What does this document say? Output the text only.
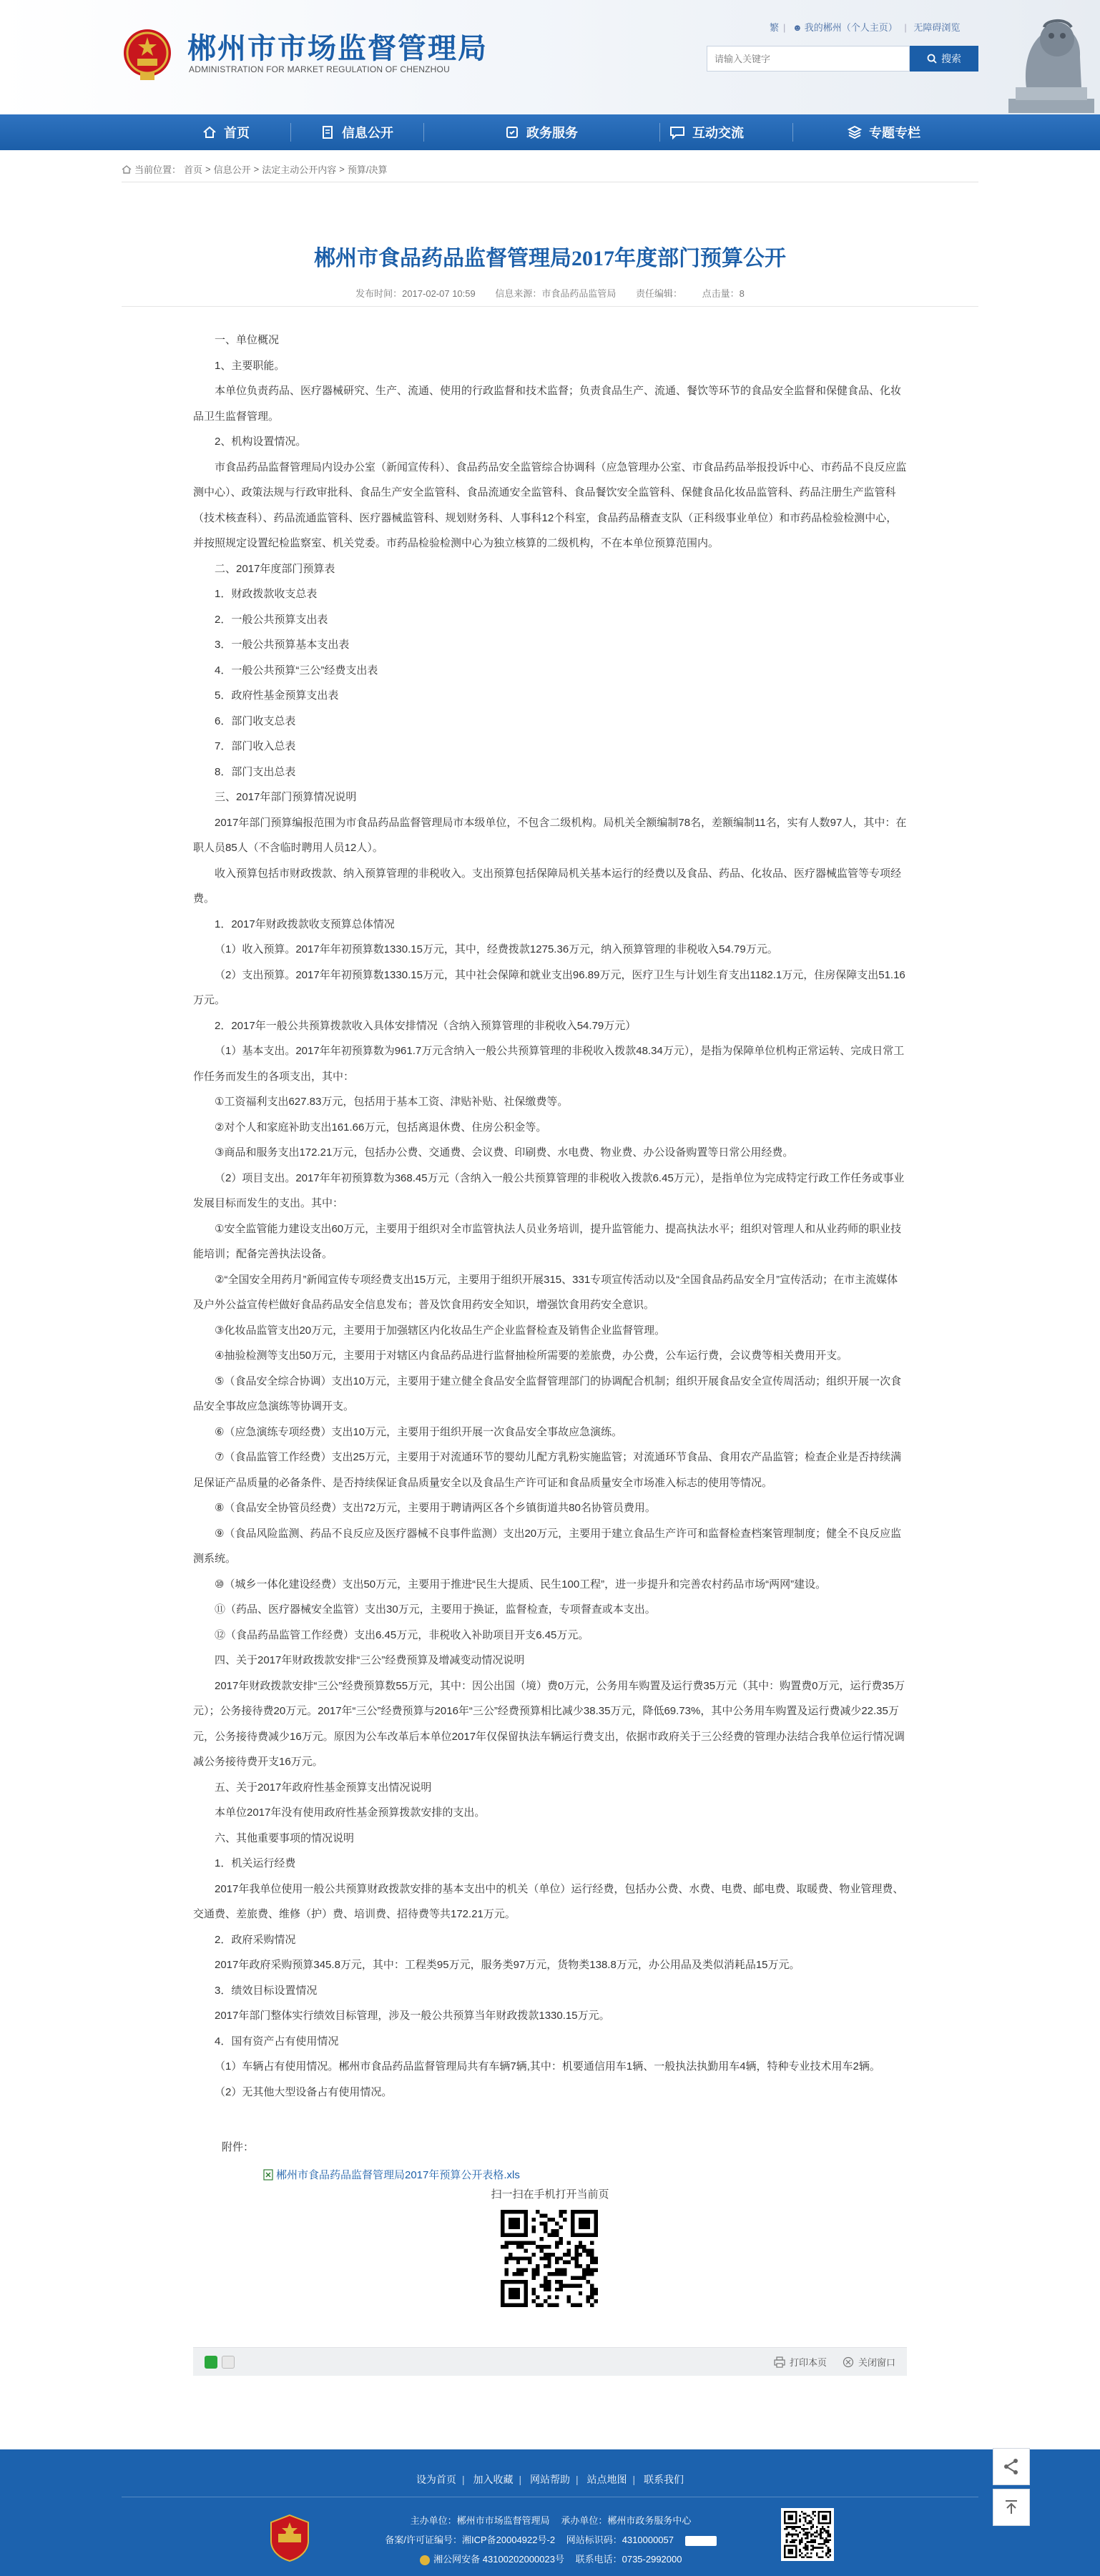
郴州市市场监督管理局
ADMINISTRATION FOR MARKET REGULATION OF CHENZHOU
繁 | ☻ 我的郴州（个人主页） | 无障碍浏览
请输入关键字
搜索
首页	信息公开	政务服务	互动交流	专题专栏
当前位置： 首页 > 信息公开 > 法定主动公开内容 > 预算/决算
郴州市食品药品监督管理局2017年度部门预算公开
发布时间：2017-02-07 10:59 信息来源：市食品药品监管局 责任编辑： 点击量：8

一、单位概况

1、主要职能。

本单位负责药品、医疗器械研究、生产、流通、使用的行政监督和技术监督；负责食品生产、流通、餐饮等环节的食品安全监督和保健食品、化妆品卫生监督管理。

2、机构设置情况。

市食品药品监督管理局内设办公室（新闻宣传科）、食品药品安全监管综合协调科（应急管理办公室、市食品药品举报投诉中心、市药品不良反应监测中心）、政策法规与行政审批科、食品生产安全监管科、食品流通安全监管科、食品餐饮安全监管科、保健食品化妆品监管科、药品注册生产监管科（技术核查科）、药品流通监管科、医疗器械监管科、规划财务科、人事科12个科室，食品药品稽查支队（正科级事业单位）和市药品检验检测中心，并按照规定设置纪检监察室、机关党委。市药品检验检测中心为独立核算的二级机构，不在本单位预算范围内。

二、2017年度部门预算表

1．财政拨款收支总表

2．一般公共预算支出表

3．一般公共预算基本支出表

4．一般公共预算“三公”经费支出表

5．政府性基金预算支出表

6．部门收支总表

7．部门收入总表

8．部门支出总表

三、2017年部门预算情况说明

2017年部门预算编报范围为市食品药品监督管理局市本级单位，不包含二级机构。局机关全额编制78名，差额编制11名，实有人数97人，其中：在职人员85人（不含临时聘用人员12人）。

收入预算包括市财政拨款、纳入预算管理的非税收入。支出预算包括保障局机关基本运行的经费以及食品、药品、化妆品、医疗器械监管等专项经费。

1．2017年财政拨款收支预算总体情况

（1）收入预算。2017年年初预算数1330.15万元，其中，经费拨款1275.36万元，纳入预算管理的非税收入54.79万元。

（2）支出预算。2017年年初预算数1330.15万元，其中社会保障和就业支出96.89万元，医疗卫生与计划生育支出1182.1万元，住房保障支出51.16万元。

2．2017年一般公共预算拨款收入具体安排情况（含纳入预算管理的非税收入54.79万元）

（1）基本支出。2017年年初预算数为961.7万元含纳入一般公共预算管理的非税收入拨款48.34万元），是指为保障单位机构正常运转、完成日常工作任务而发生的各项支出，其中：

①工资福利支出627.83万元，包括用于基本工资、津贴补贴、社保缴费等。

②对个人和家庭补助支出161.66万元，包括离退休费、住房公积金等。

③商品和服务支出172.21万元，包括办公费、交通费、会议费、印刷费、水电费、物业费、办公设备购置等日常公用经费。

（2）项目支出。2017年年初预算数为368.45万元（含纳入一般公共预算管理的非税收入拨款6.45万元），是指单位为完成特定行政工作任务或事业发展目标而发生的支出。其中：

①安全监管能力建设支出60万元，主要用于组织对全市监管执法人员业务培训，提升监管能力、提高执法水平；组织对管理人和从业药师的职业技能培训；配备完善执法设备。

②“全国安全用药月”新闻宣传专项经费支出15万元，主要用于组织开展315、331专项宣传活动以及“全国食品药品安全月”宣传活动；在市主流媒体及户外公益宣传栏做好食品药品安全信息发布；普及饮食用药安全知识，增强饮食用药安全意识。

③化妆品监管支出20万元，主要用于加强辖区内化妆品生产企业监督检查及销售企业监督管理。

④抽验检测等支出50万元，主要用于对辖区内食品药品进行监督抽检所需要的差旅费，办公费，公车运行费，会议费等相关费用开支。

⑤（食品安全综合协调）支出10万元，主要用于建立健全食品安全监督管理部门的协调配合机制；组织开展食品安全宣传周活动；组织开展一次食品安全事故应急演练等协调开支。

⑥（应急演练专项经费）支出10万元，主要用于组织开展一次食品安全事故应急演练。

⑦（食品监管工作经费）支出25万元，主要用于对流通环节的婴幼儿配方乳粉实施监管；对流通环节食品、食用农产品监管；检查企业是否持续满足保证产品质量的必备条件、是否持续保证食品质量安全以及食品生产许可证和食品质量安全市场准入标志的使用等情况。

⑧（食品安全协管员经费）支出72万元，主要用于聘请两区各个乡镇街道共80名协管员费用。

⑨（食品风险监测、药品不良反应及医疗器械不良事件监测）支出20万元，主要用于建立食品生产许可和监督检查档案管理制度；健全不良反应监测系统。

⑩（城乡一体化建设经费）支出50万元，主要用于推进“民生大提质、民生100工程”，进一步提升和完善农村药品市场“两网”建设。

⑪（药品、医疗器械安全监管）支出30万元，主要用于换证，监督检查，专项督查或本支出。

⑫（食品药品监管工作经费）支出6.45万元，非税收入补助项目开支6.45万元。

四、关于2017年财政拨款安排“三公”经费预算及增减变动情况说明

2017年财政拨款安排“三公”经费预算数55万元，其中：因公出国（境）费0万元，公务用车购置及运行费35万元（其中：购置费0万元，运行费35万元）；公务接待费20万元。2017年“三公”经费预算与2016年“三公”经费预算相比减少38.35万元，降低69.73%，其中公务用车购置及运行费减少22.35万元，公务接待费减少16万元。原因为公车改革后本单位2017年仅保留执法车辆运行费支出，依据市政府关于三公经费的管理办法结合我单位运行情况调减公务接待费开支16万元。

五、关于2017年政府性基金预算支出情况说明

本单位2017年没有使用政府性基金预算拨款安排的支出。

六、其他重要事项的情况说明

1．机关运行经费

2017年我单位使用一般公共预算财政拨款安排的基本支出中的机关（单位）运行经费，包括办公费、水费、电费、邮电费、取暖费、物业管理费、交通费、差旅费、维修（护）费、培训费、招待费等共172.21万元。

2．政府采购情况

2017年政府采购预算345.8万元，其中：工程类95万元，服务类97万元，货物类138.8万元，办公用品及类似消耗品15万元。

3．绩效目标设置情况

2017年部门整体实行绩效目标管理，涉及一般公共预算当年财政拨款1330.15万元。

4．国有资产占有使用情况

（1）车辆占有使用情况。郴州市食品药品监督管理局共有车辆7辆,其中：机要通信用车1辆、一般执法执勤用车4辆，特种专业技术用车2辆。

（2）无其他大型设备占有使用情况。

附件：
郴州市食品药品监督管理局2017年预算公开表格.xls
扫一扫在手机打开当前页
打印本页	关闭窗口
设为首页 | 加入收藏 | 网站帮助 | 站点地图 | 联系我们
主办单位：郴州市市场监督管理局 承办单位：郴州市政务服务中心
备案/许可证编号：湘ICP备20004922号-2 网站标识码：4310000057
湘公网安备 43100202000023号 联系电话：0735-2992000
